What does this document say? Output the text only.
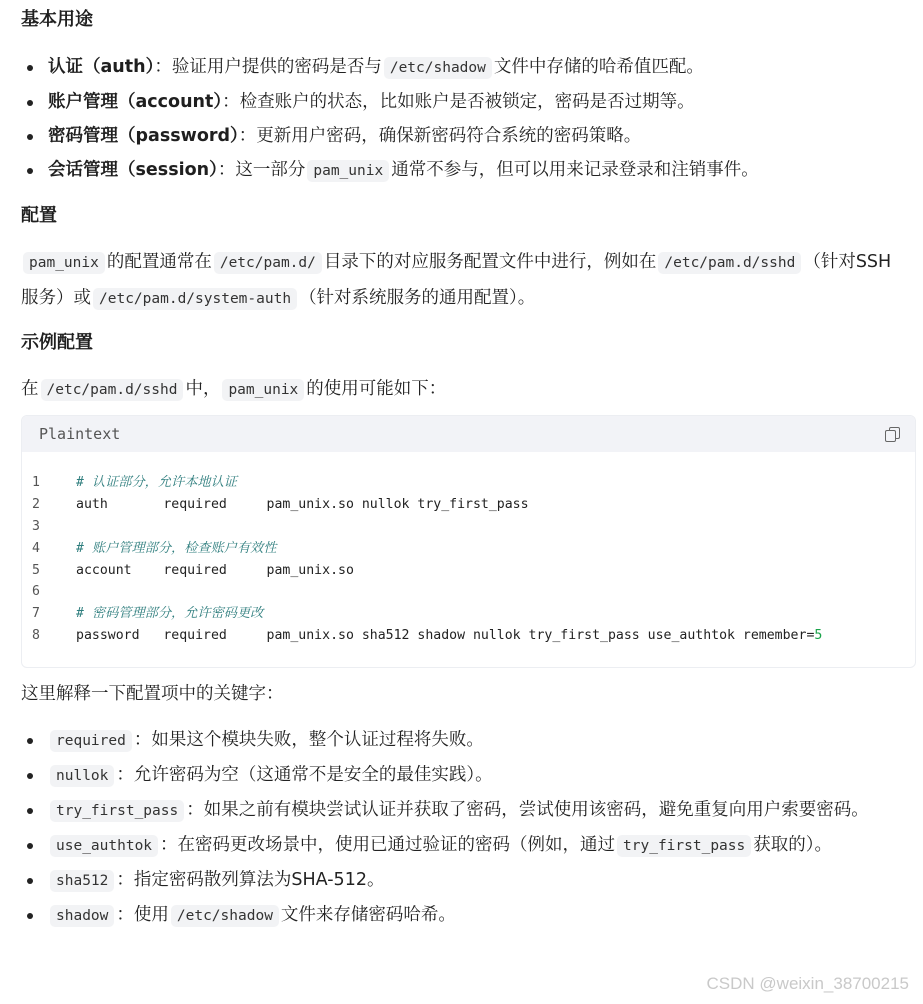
基本用途
认证（auth）：验证用户提供的密码是否与 /etc/shadow 文件中存储的哈希值匹配。
账户管理（account）：检查账户的状态，比如账户是否被锁定，密码是否过期等。
密码管理（password）：更新用户密码，确保新密码符合系统的密码策略。
会话管理（session）：这一部分 pam_unix 通常不参与，但可以用来记录登录和注销事件。
配置

pam_unix 的配置通常在 /etc/pam.d/ 目录下的对应服务配置文件中进行，例如在 /etc/pam.d/sshd （针对SSH服务）或 /etc/pam.d/system-auth （针对系统服务的通用配置）。

示例配置

在 /etc/pam.d/sshd 中， pam_unix 的使用可能如下：

Plaintext
1	# 认证部分，允许本地认证
2	auth       required     pam_unix.so nullok try_first_pass
3
4	# 账户管理部分，检查账户有效性
5	account    required     pam_unix.so
6
7	# 密码管理部分，允许密码更改
8	password   required     pam_unix.so sha512 shadow nullok try_first_pass use_authtok remember= 5

这里解释一下配置项中的关键字：

required ：如果这个模块失败，整个认证过程将失败。
nullok ：允许密码为空（这通常不是安全的最佳实践）。
try_first_pass ：如果之前有模块尝试认证并获取了密码，尝试使用该密码，避免重复向用户索要密码。
use_authtok ：在密码更改场景中，使用已通过验证的密码（例如，通过 try_first_pass 获取的）。
sha512 ：指定密码散列算法为SHA-512。
shadow ：使用 /etc/shadow 文件来存储密码哈希。
CSDN @weixin_38700215
